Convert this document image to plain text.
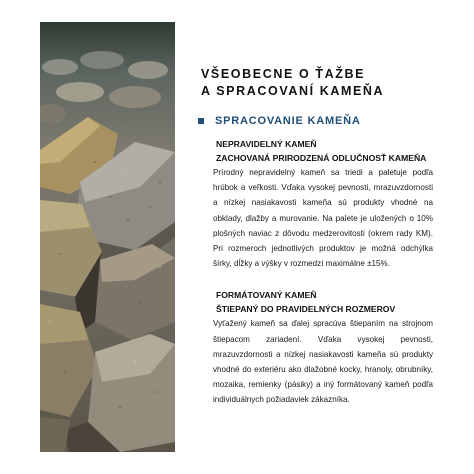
VŠEOBECNE O ŤAŽBE
A SPRACOVANÍ KAMEŇA
SPRACOVANIE KAMEŇA
NEPRAVIDELNÝ KAMEŇ
ZACHOVANÁ PRIRODZENÁ ODLUČNOSŤ KAMEŇA

Prírodný nepravidelný kameň sa triedi a paletuje podľa hrúbok a veľkosti. Vďaka vysokej pevnosti, mrazuvzdornosti a nízkej nasiakavosti kameňa sú produkty vhodné na obklady, dlažby a murovanie. Na palete je uložených o 10% plošných naviac z dôvodu medzerovitosti (okrem rady KM). Pri rozmeroch jednotlivých produktov je možná odchýlka šírky, dĺžky a výšky v rozmedzí maximálne ±15%.

FORMÁTOVANÝ KAMEŇ
ŠTIEPANÝ DO PRAVIDELNÝCH ROZMEROV

Vyťažený kameň sa ďalej spracúva štiepaním na strojnom štiepacom zariadení. Vďaka vysokej pevnosti, mrazuvzdornosti a nízkej nasiakavosti kameňa sú produkty vhodné do exteriéru ako dlažobné kocky, hranoly, obrubníky, mozaika, remienky (pásiky) a iný formátovaný kameň podľa individuálnych požiadaviek zákazníka.
